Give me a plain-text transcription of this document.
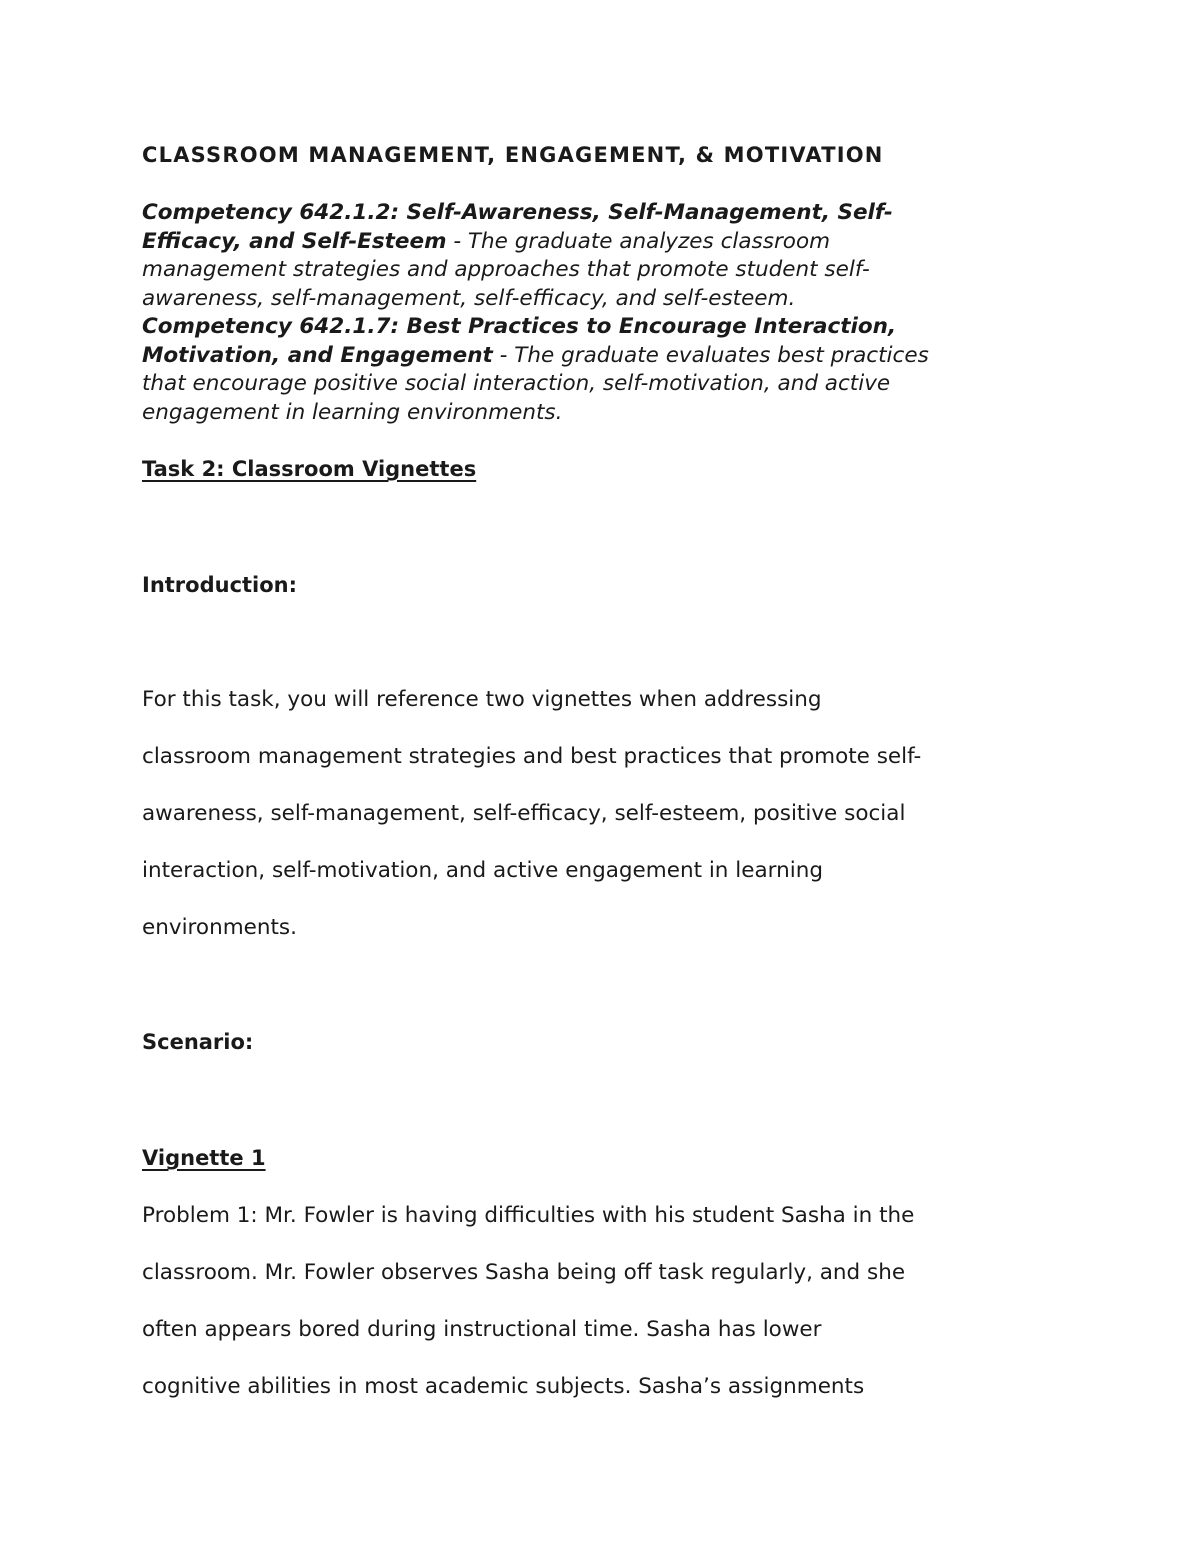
CLASSROOM MANAGEMENT, ENGAGEMENT, & MOTIVATION
Competency 642.1.2: Self-Awareness, Self-Management, Self-
Efficacy, and Self-Esteem - The graduate analyzes classroom
management strategies and approaches that promote student self-
awareness, self-management, self-efficacy, and self-esteem.
Competency 642.1.7: Best Practices to Encourage Interaction,
Motivation, and Engagement - The graduate evaluates best practices
that encourage positive social interaction, self-motivation, and active
engagement in learning environments.
Task 2: Classroom Vignettes
Introduction:
For this task, you will reference two vignettes when addressing
classroom management strategies and best practices that promote self-
awareness, self-management, self-efficacy, self-esteem, positive social
interaction, self-motivation, and active engagement in learning
environments.
Scenario:
Vignette 1
Problem 1: Mr. Fowler is having difficulties with his student Sasha in the
classroom. Mr. Fowler observes Sasha being off task regularly, and she
often appears bored during instructional time. Sasha has lower
cognitive abilities in most academic subjects. Sasha’s assignments
